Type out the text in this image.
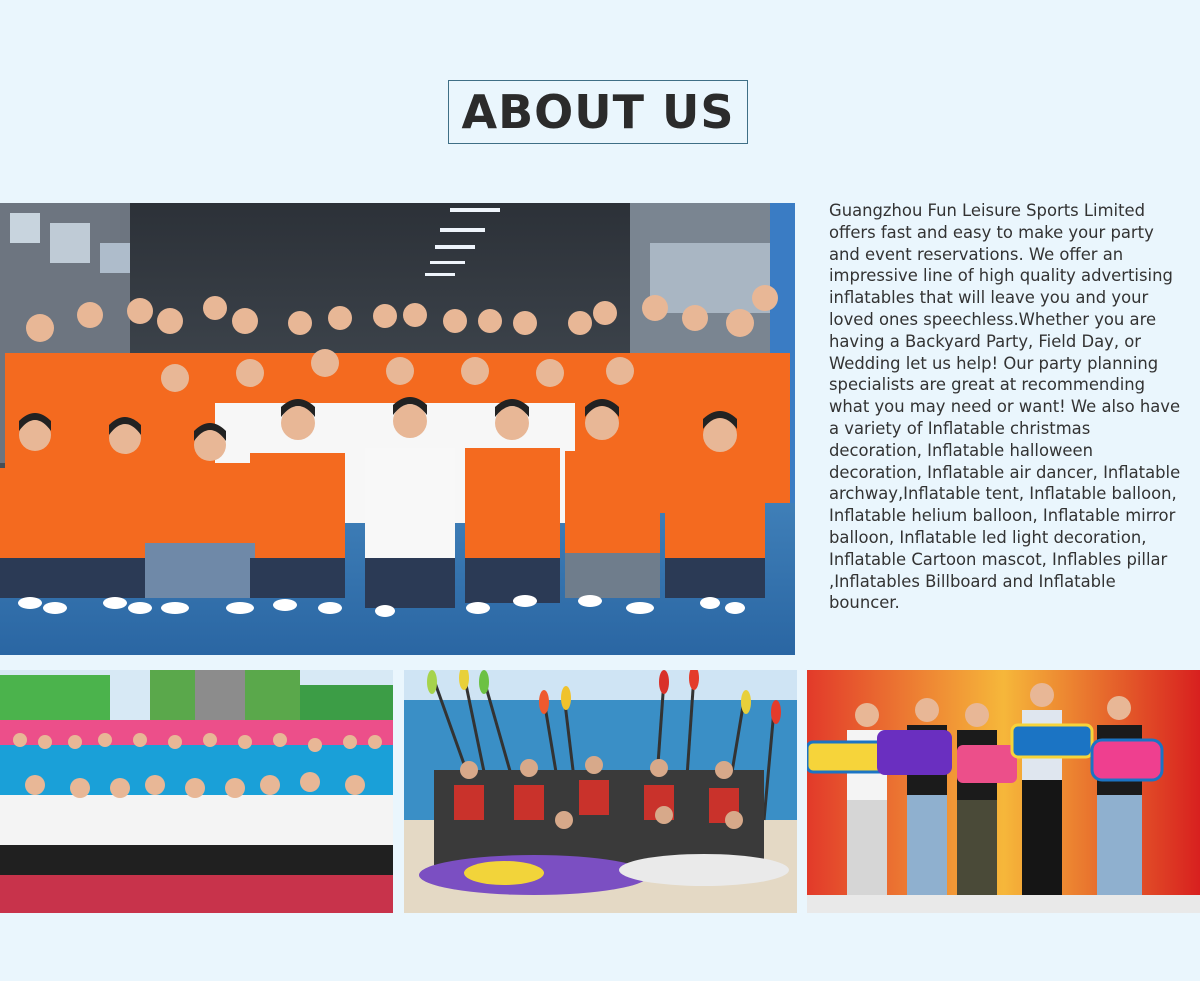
ABOUT US

Guangzhou Fun Leisure Sports Limited offers fast and easy to make your party and event reservations. We offer an impressive line of high quality advertising inflatables that will leave you and your loved ones speechless.Whether you are having a Backyard Party, Field Day, or Wedding let us help! Our party planning specialists are great at recommending what you may need or want! We also have a variety of Inflatable christmas decoration, Inflatable halloween decoration, Inflatable air dancer, Inflatable archway,Inflatable tent, Inflatable balloon, Inflatable helium balloon, Inflatable mirror balloon, Inflatable led light decoration, Inflatable Cartoon mascot, Inflables pillar ,Inflatables Billboard and Inflatable bouncer.
